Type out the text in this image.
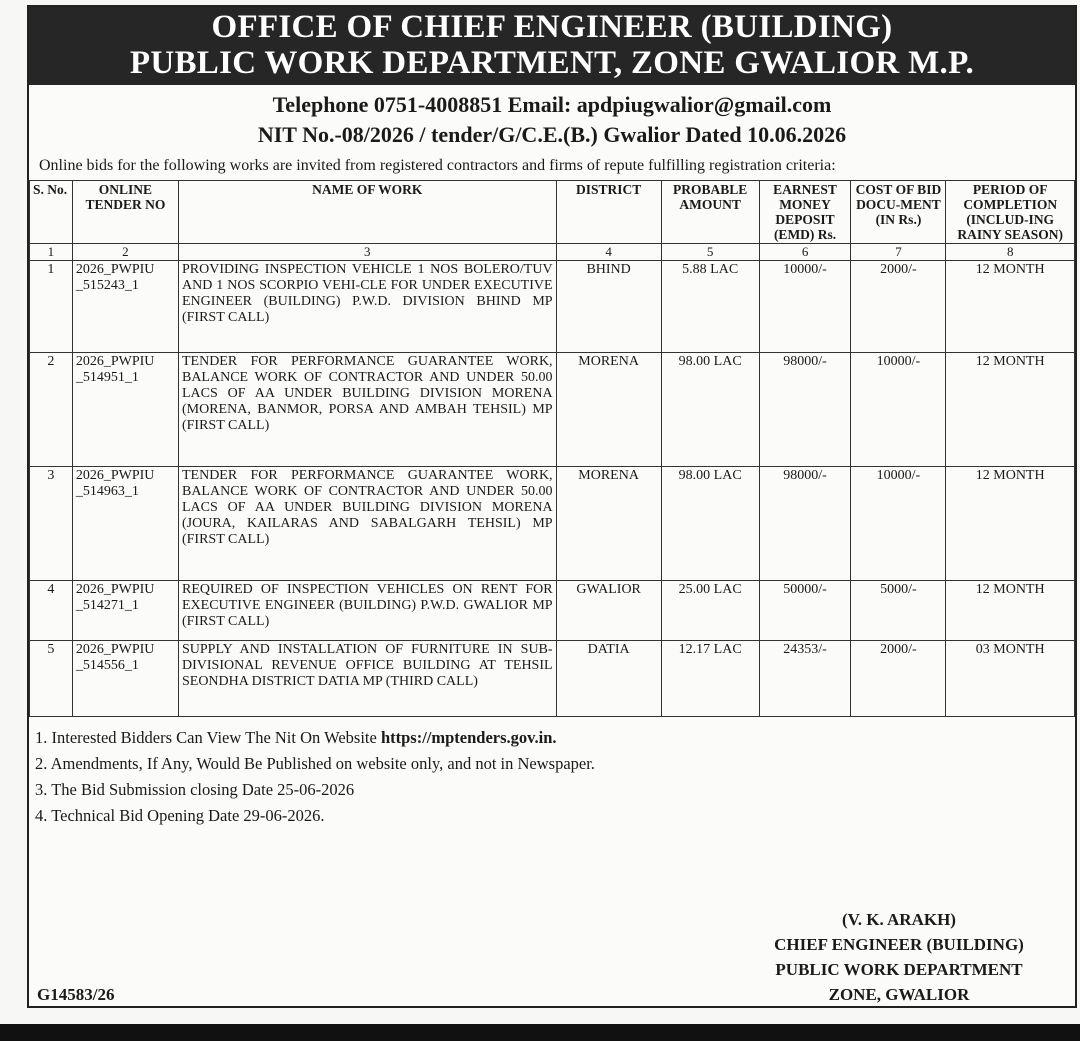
OFFICE OF CHIEF ENGINEER (BUILDING)
PUBLIC WORK DEPARTMENT, ZONE GWALIOR M.P.
Telephone 0751-4008851 Email: apdpiugwalior@gmail.com
NIT No.-08/2026 / tender/G/C.E.(B.) Gwalior Dated 10.06.2026
Online bids for the following works are invited from registered contractors and firms of repute fulfilling registration criteria:
S. No.	ONLINE TENDER NO	NAME OF WORK	DISTRICT	PROBABLE AMOUNT	EARNEST MONEY DEPOSIT (EMD) Rs.	COST OF BID DOCU-MENT (IN Rs.)	PERIOD OF COMPLETION (INCLUD-ING RAINY SEASON)
1	2	3	4	5	6	7	8
1	2026_PWPIU _515243_1	PROVIDING INSPECTION VEHICLE 1 NOS BOLERO/TUV AND 1 NOS SCORPIO VEHI-CLE FOR UNDER EXECUTIVE ENGINEER (BUILDING) P.W.D. DIVISION BHIND MP (FIRST CALL)	BHIND	5.88 LAC	10000/-	2000/-	12 MONTH
2	2026_PWPIU _514951_1	TENDER FOR PERFORMANCE GUARANTEE WORK, BALANCE WORK OF CONTRACTOR AND UNDER 50.00 LACS OF AA UNDER BUILDING DIVISION MORENA (MORENA, BANMOR, PORSA AND AMBAH TEHSIL) MP (FIRST CALL)	MORENA	98.00 LAC	98000/-	10000/-	12 MONTH
3	2026_PWPIU _514963_1	TENDER FOR PERFORMANCE GUARANTEE WORK, BALANCE WORK OF CONTRACTOR AND UNDER 50.00 LACS OF AA UNDER BUILDING DIVISION MORENA (JOURA, KAILARAS AND SABALGARH TEHSIL) MP (FIRST CALL)	MORENA	98.00 LAC	98000/-	10000/-	12 MONTH
4	2026_PWPIU _514271_1	REQUIRED OF INSPECTION VEHICLES ON RENT FOR EXECUTIVE ENGINEER (BUILDING) P.W.D. GWALIOR MP (FIRST CALL)	GWALIOR	25.00 LAC	50000/-	5000/-	12 MONTH
5	2026_PWPIU _514556_1	SUPPLY AND INSTALLATION OF FURNITURE IN SUB-DIVISIONAL REVENUE OFFICE BUILDING AT TEHSIL SEONDHA DISTRICT DATIA MP (THIRD CALL)	DATIA	12.17 LAC	24353/-	2000/-	03 MONTH
1. Interested Bidders Can View The Nit On Website https://mptenders.gov.in.
2. Amendments, If Any, Would Be Published on website only, and not in Newspaper.
3. The Bid Submission closing Date 25-06-2026
4. Technical Bid Opening Date 29-06-2026.
(V. K. ARAKH)
CHIEF ENGINEER (BUILDING)
PUBLIC WORK DEPARTMENT
ZONE, GWALIOR
G14583/26
